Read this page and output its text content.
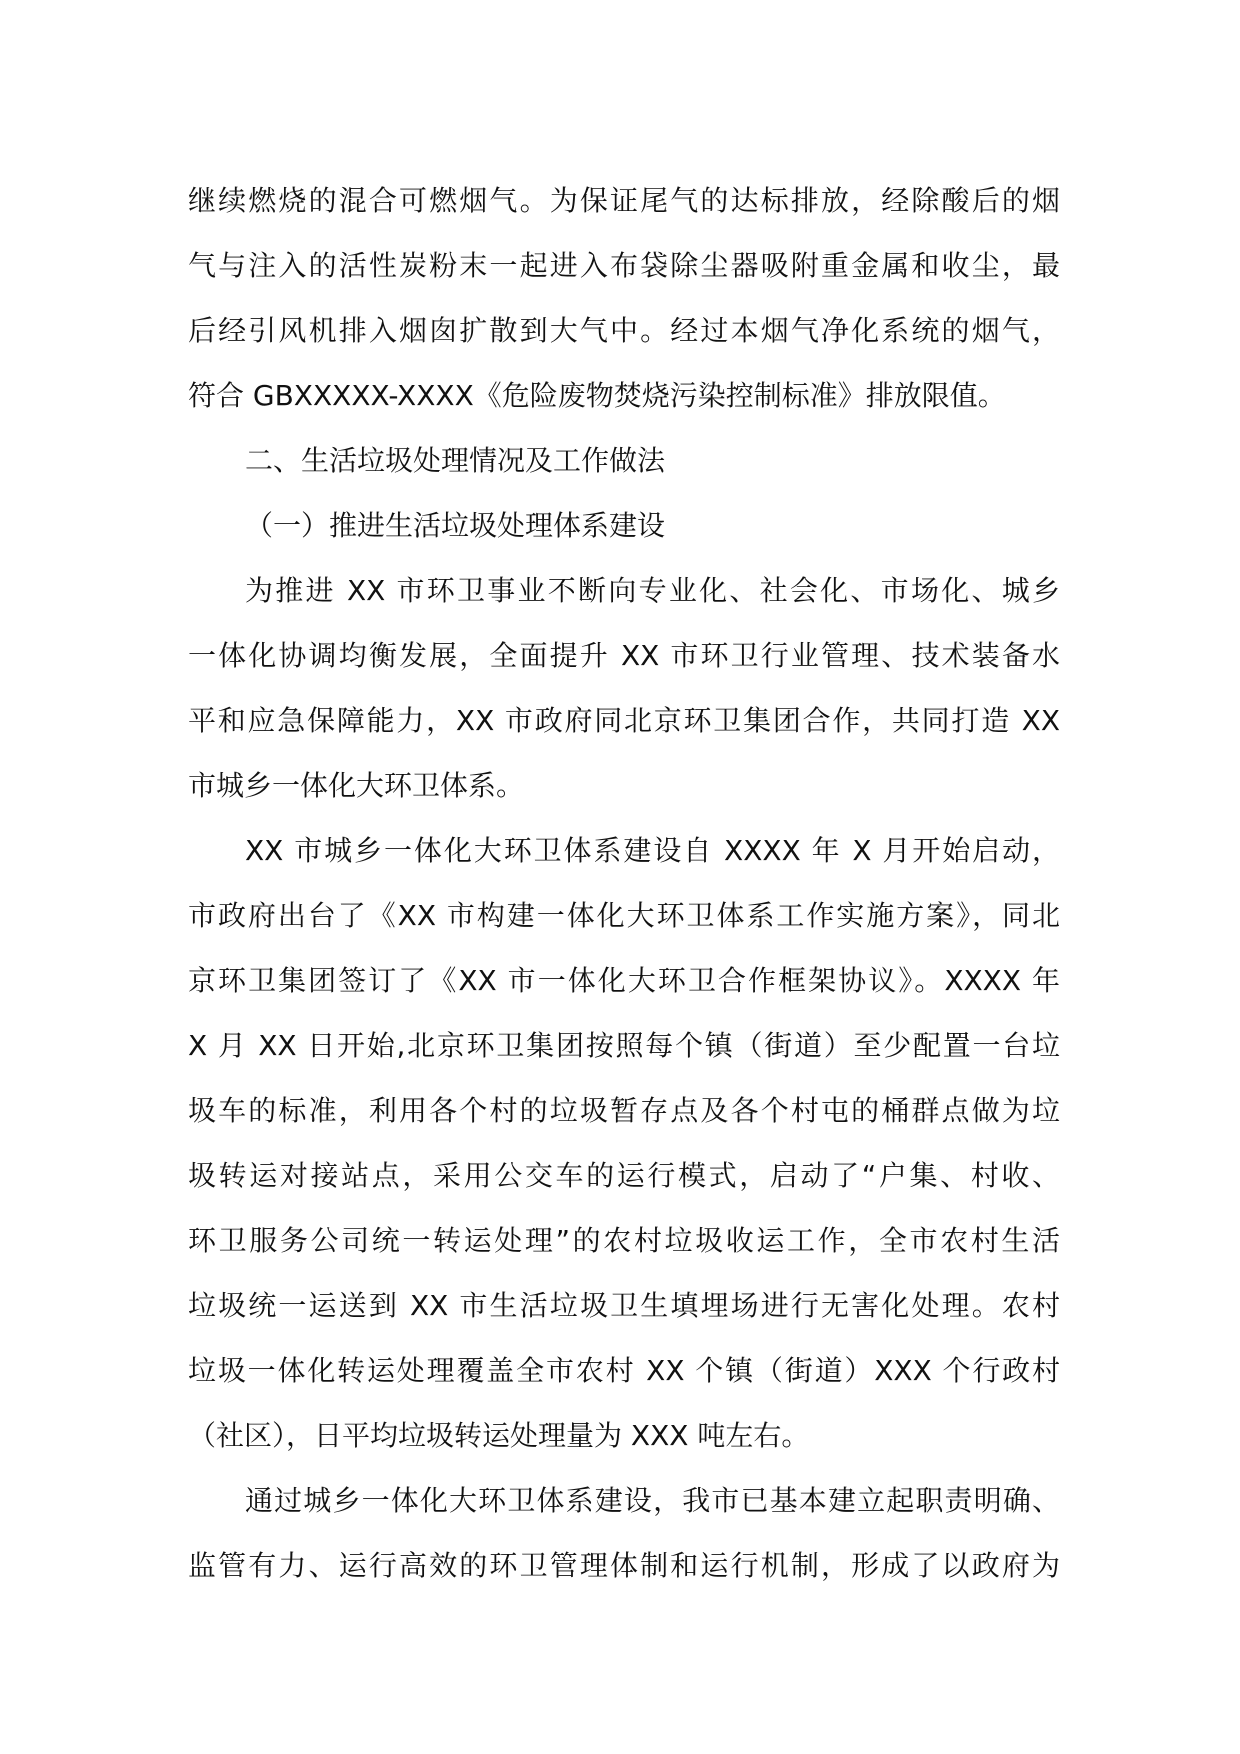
继续燃烧的混合可燃烟气。为保证尾气的达标排放，经除酸后的烟
气与注入的活性炭粉末一起进入布袋除尘器吸附重金属和收尘，最
后经引风机排入烟囱扩散到大气中。经过本烟气净化系统的烟气，
符合 GBXXXXX-XXXX《危险废物焚烧污染控制标准》排放限值。
二、生活垃圾处理情况及工作做法
（一）推进生活垃圾处理体系建设
为推进 XX 市环卫事业不断向专业化、社会化、市场化、城乡
一体化协调均衡发展，全面提升 XX 市环卫行业管理、技术装备水
平和应急保障能力，XX 市政府同北京环卫集团合作，共同打造 XX
市城乡一体化大环卫体系。
XX 市城乡一体化大环卫体系建设自 XXXX 年 X 月开始启动，
市政府出台了《XX 市构建一体化大环卫体系工作实施方案》，同北
京环卫集团签订了《XX 市一体化大环卫合作框架协议》。XXXX 年
X 月 XX 日开始,北京环卫集团按照每个镇（街道）至少配置一台垃
圾车的标准，利用各个村的垃圾暂存点及各个村屯的桶群点做为垃
圾转运对接站点，采用公交车的运行模式，启动了“户集、村收、
环卫服务公司统一转运处理”的农村垃圾收运工作，全市农村生活
垃圾统一运送到 XX 市生活垃圾卫生填埋场进行无害化处理。农村
垃圾一体化转运处理覆盖全市农村 XX 个镇（街道）XXX 个行政村
（社区），日平均垃圾转运处理量为 XXX 吨左右。
通过城乡一体化大环卫体系建设，我市已基本建立起职责明确、
监管有力、运行高效的环卫管理体制和运行机制，形成了以政府为
